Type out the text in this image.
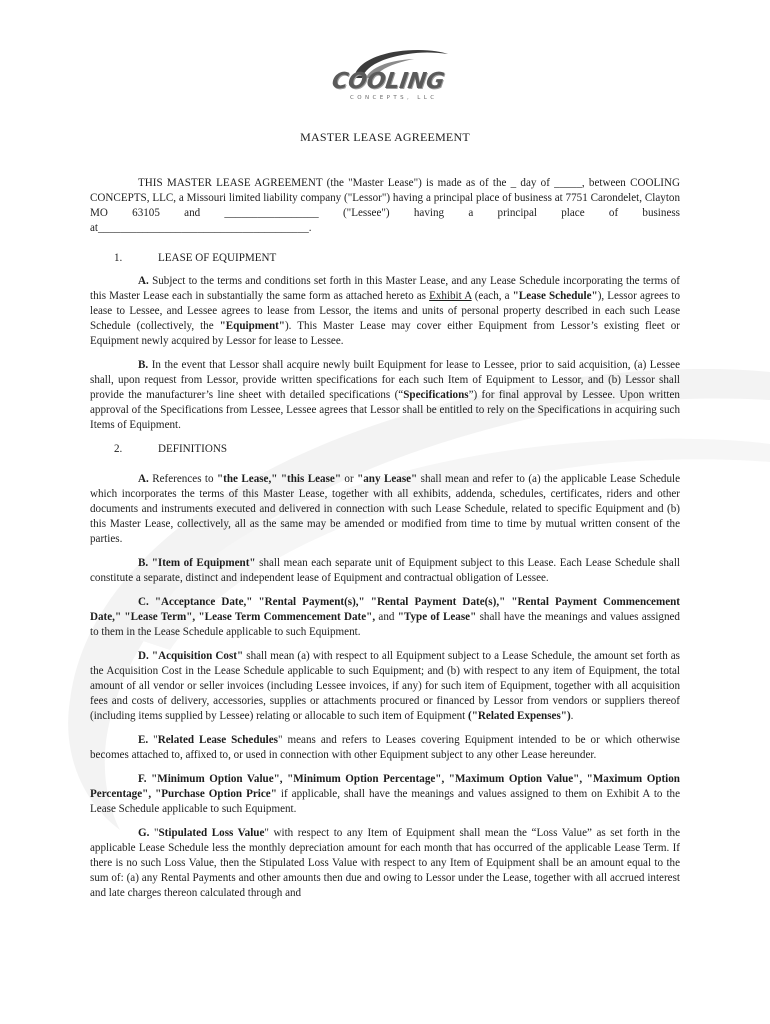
COOLING
CONCEPTS, LLC
MASTER LEASE AGREEMENT

THIS MASTER LEASE AGREEMENT (the "Master Lease") is made as of the _ day of _____, between COOLING CONCEPTS, LLC, a Missouri limited liability company ("Lessor") having a principal place of business at 7751 Carondelet, Clayton MO 63105 and _________________ ("Lessee") having a principal place of business at______________________________________.

1.	LEASE OF EQUIPMENT

A. Subject to the terms and conditions set forth in this Master Lease, and any Lease Schedule incorporating the terms of this Master Lease each in substantially the same form as attached hereto as Exhibit A (each, a "Lease Schedule"), Lessor agrees to lease to Lessee, and Lessee agrees to lease from Lessor, the items and units of personal property described in each such Lease Schedule (collectively, the "Equipment"). This Master Lease may cover either Equipment from Lessor’s existing fleet or Equipment newly acquired by Lessor for lease to Lessee.

B. In the event that Lessor shall acquire newly built Equipment for lease to Lessee, prior to said acquisition, (a) Lessee shall, upon request from Lessor, provide written specifications for each such Item of Equipment to Lessor, and (b) Lessor shall provide the manufacturer’s line sheet with detailed specifications (“Specifications”) for final approval by Lessee. Upon written approval of the Specifications from Lessee, Lessee agrees that Lessor shall be entitled to rely on the Specifications in acquiring such Items of Equipment.

2.	DEFINITIONS

A. References to "the Lease," "this Lease" or "any Lease" shall mean and refer to (a) the applicable Lease Schedule which incorporates the terms of this Master Lease, together with all exhibits, addenda, schedules, certificates, riders and other documents and instruments executed and delivered in connection with such Lease Schedule, related to specific Equipment and (b) this Master Lease, collectively, all as the same may be amended or modified from time to time by mutual written consent of the parties.

B. "Item of Equipment" shall mean each separate unit of Equipment subject to this Lease. Each Lease Schedule shall constitute a separate, distinct and independent lease of Equipment and contractual obligation of Lessee.

C. "Acceptance Date," "Rental Payment(s)," "Rental Payment Date(s)," "Rental Payment Commencement Date," "Lease Term", "Lease Term Commencement Date", and "Type of Lease" shall have the meanings and values assigned to them in the Lease Schedule applicable to such Equipment.

D. "Acquisition Cost" shall mean (a) with respect to all Equipment subject to a Lease Schedule, the amount set forth as the Acquisition Cost in the Lease Schedule applicable to such Equipment; and (b) with respect to any item of Equipment, the total amount of all vendor or seller invoices (including Lessee invoices, if any) for such item of Equipment, together with all acquisition fees and costs of delivery, accessories, supplies or attachments procured or financed by Lessor from vendors or suppliers thereof (including items supplied by Lessee) relating or allocable to such item of Equipment ("Related Expenses").

E. "Related Lease Schedules" means and refers to Leases covering Equipment intended to be or which otherwise becomes attached to, affixed to, or used in connection with other Equipment subject to any other Lease hereunder.

F. "Minimum Option Value", "Minimum Option Percentage", "Maximum Option Value", "Maximum Option Percentage", "Purchase Option Price" if applicable, shall have the meanings and values assigned to them on Exhibit A to the Lease Schedule applicable to such Equipment.

G. "Stipulated Loss Value" with respect to any Item of Equipment shall mean the “Loss Value” as set forth in the applicable Lease Schedule less the monthly depreciation amount for each month that has occurred of the applicable Lease Term. If there is no such Loss Value, then the Stipulated Loss Value with respect to any Item of Equipment shall be an amount equal to the sum of: (a) any Rental Payments and other amounts then due and owing to Lessor under the Lease, together with all accrued interest and late charges thereon calculated through and
